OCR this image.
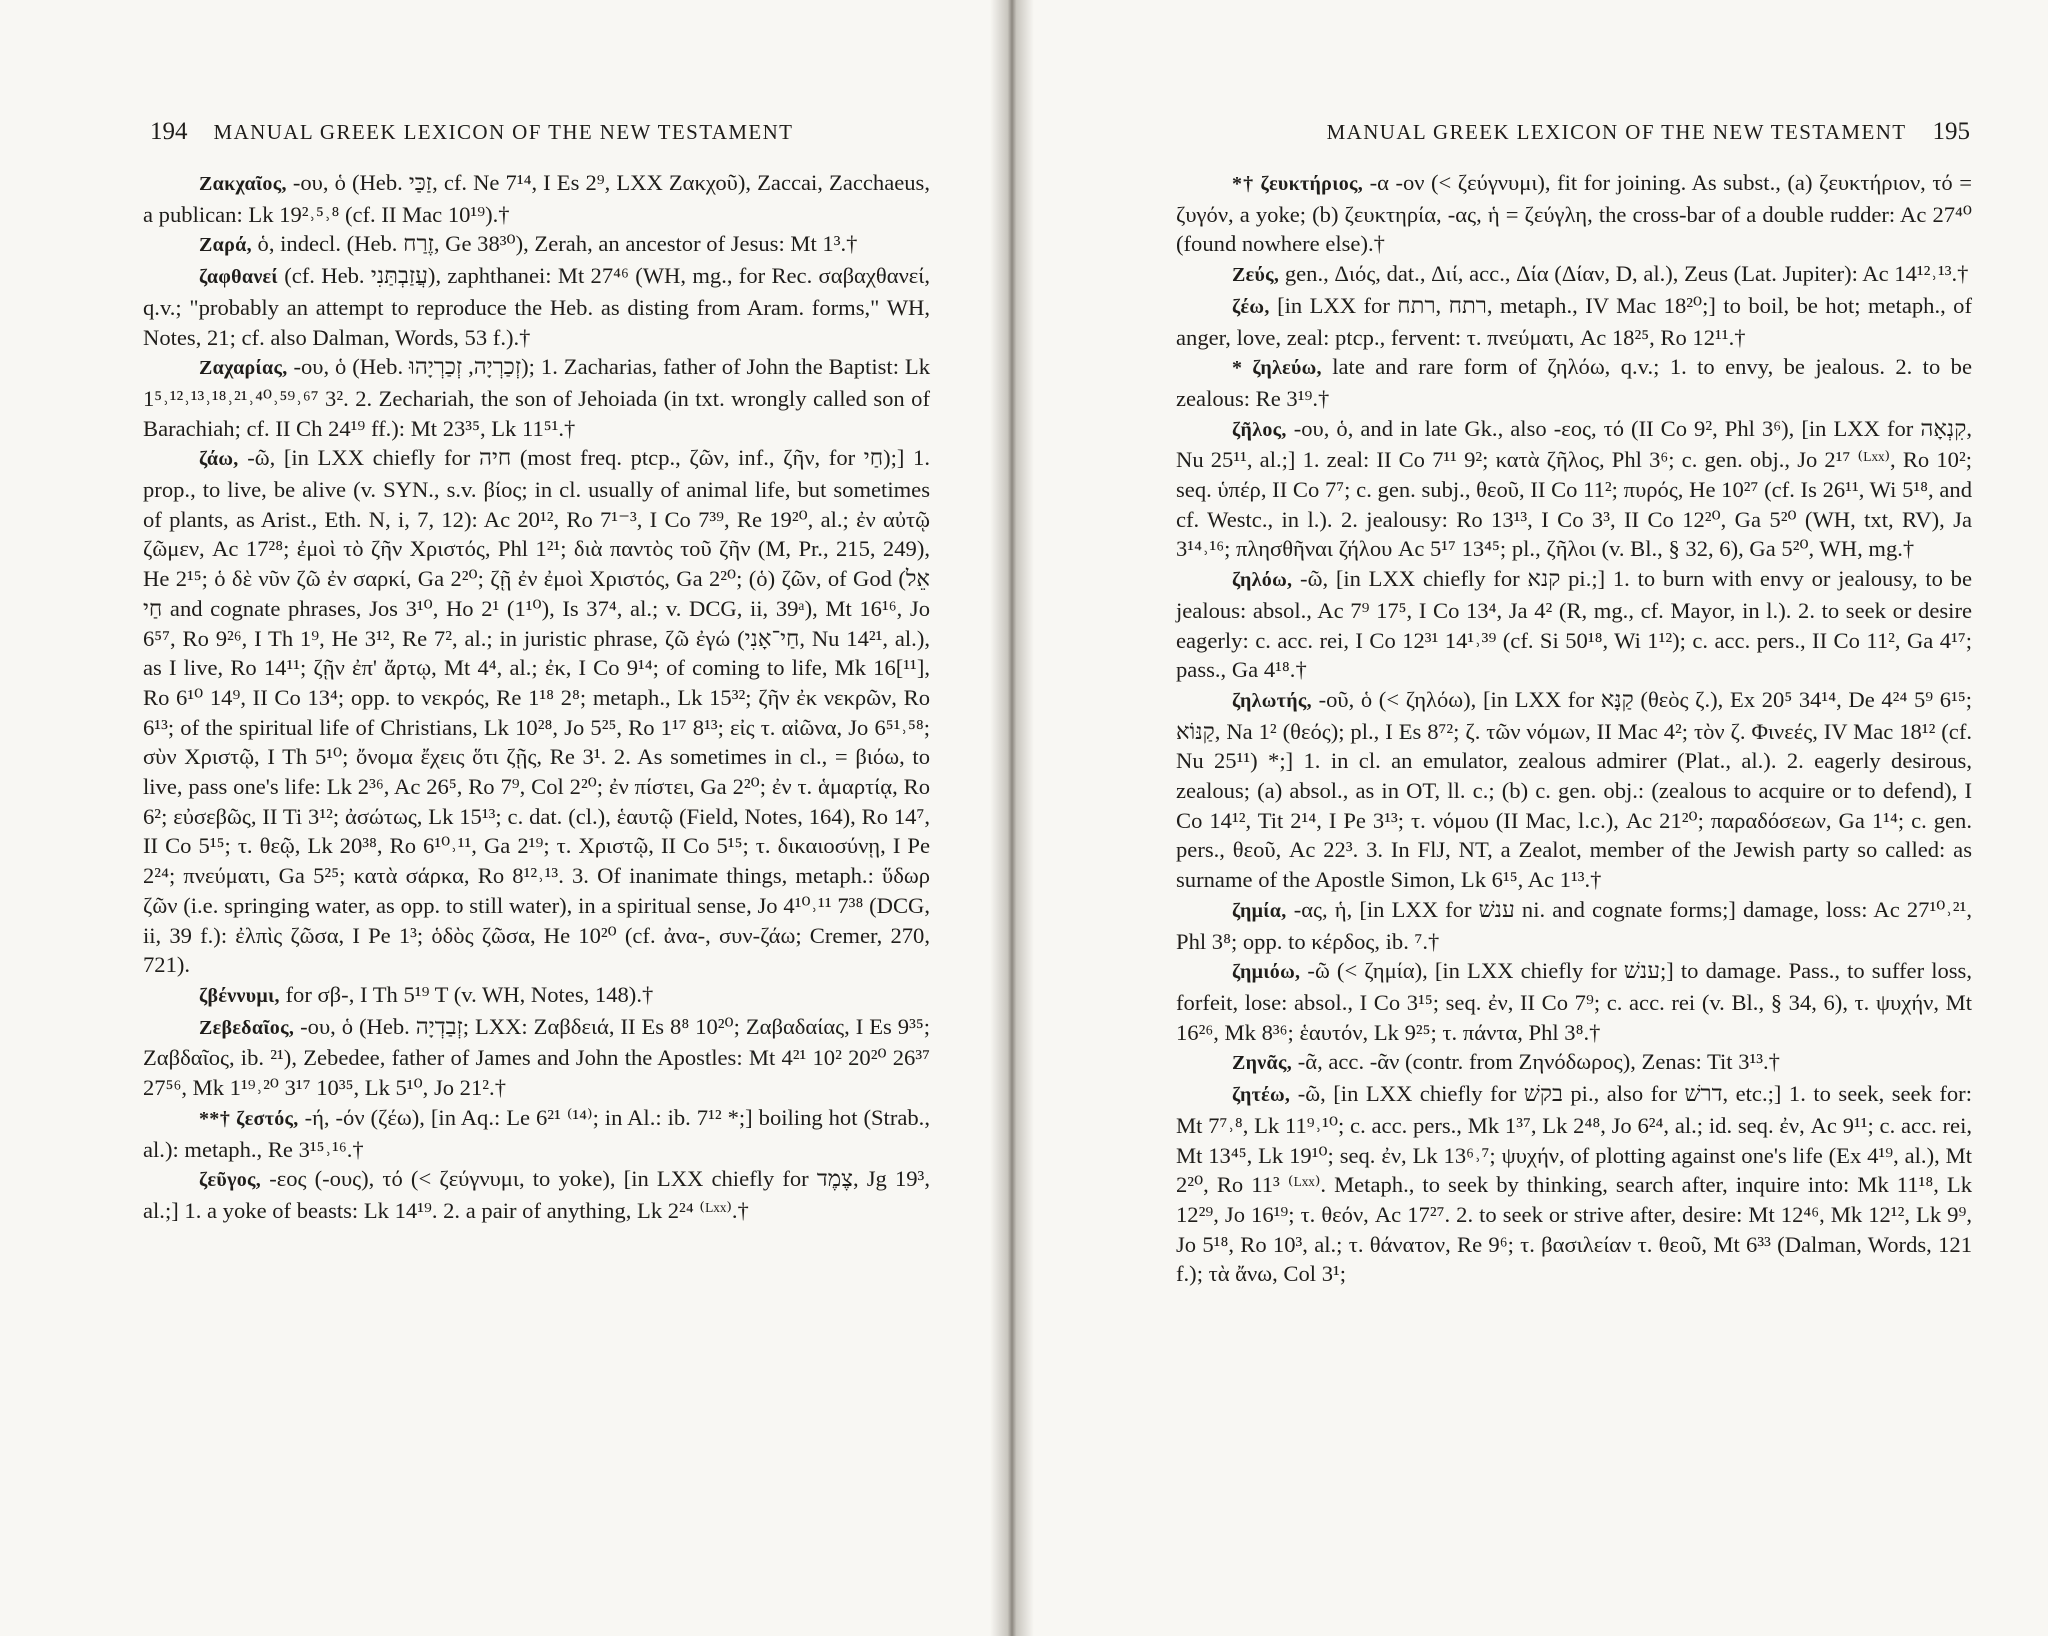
194 MANUAL GREEK LEXICON OF THE NEW TESTAMENT

Ζακχαῖος, -ου, ὁ (Heb. זַכַּי, cf. Ne 7¹⁴, I Es 2⁹, LXX Ζακχοῦ), Zaccai, Zacchaeus, a publican: Lk 19²˒⁵˒⁸ (cf. II Mac 10¹⁹).†

Ζαρά, ὁ, indecl. (Heb. זֶרַח, Ge 38³⁰), Zerah, an ancestor of Jesus: Mt 1³.†

ζαφθανεί (cf. Heb. עֲזַבְתַּנִי), zaphthanei: Mt 27⁴⁶ (WH, mg., for Rec. σαβαχθανεί, q.v.; "probably an attempt to reproduce the Heb. as disting from Aram. forms," WH, Notes, 21; cf. also Dalman, Words, 53 f.).†

Ζαχαρίας, -ου, ὁ (Heb. זְכַרְיָה, זְכַרְיָהוּ); 1. Zacharias, father of John the Baptist: Lk 1⁵˒¹²˒¹³˒¹⁸˒²¹˒⁴⁰˒⁵⁹˒⁶⁷ 3². 2. Zechariah, the son of Jehoiada (in txt. wrongly called son of Barachiah; cf. II Ch 24¹⁹ ff.): Mt 23³⁵, Lk 11⁵¹.†

ζάω, -ῶ, [in LXX chiefly for חיה (most freq. ptcp., ζῶν, inf., ζῆν, for חַי);] 1. prop., to live, be alive (v. SYN., s.v. βίος; in cl. usually of animal life, but sometimes of plants, as Arist., Eth. N, i, 7, 12): Ac 20¹², Ro 7¹⁻³, I Co 7³⁹, Re 19²⁰, al.; ἐν αὐτῷ ζῶμεν, Ac 17²⁸; ἐμοὶ τὸ ζῆν Χριστός, Phl 1²¹; διὰ παντὸς τοῦ ζῆν (M, Pr., 215, 249), He 2¹⁵; ὁ δὲ νῦν ζῶ ἐν σαρκί, Ga 2²⁰; ζῇ ἐν ἐμοὶ Χριστός, Ga 2²⁰; (ὁ) ζῶν, of God (אֵל חַי and cognate phrases, Jos 3¹⁰, Ho 2¹ (1¹⁰), Is 37⁴, al.; v. DCG, ii, 39ᵃ), Mt 16¹⁶, Jo 6⁵⁷, Ro 9²⁶, I Th 1⁹, He 3¹², Re 7², al.; in juristic phrase, ζῶ ἐγώ (חַי־אָנִי, Nu 14²¹, al.), as I live, Ro 14¹¹; ζῇν ἐπ' ἄρτῳ, Mt 4⁴, al.; ἐκ, I Co 9¹⁴; of coming to life, Mk 16[¹¹], Ro 6¹⁰ 14⁹, II Co 13⁴; opp. to νεκρός, Re 1¹⁸ 2⁸; metaph., Lk 15³²; ζῆν ἐκ νεκρῶν, Ro 6¹³; of the spiritual life of Christians, Lk 10²⁸, Jo 5²⁵, Ro 1¹⁷ 8¹³; εἰς τ. αἰῶνα, Jo 6⁵¹˒⁵⁸; σὺν Χριστῷ, I Th 5¹⁰; ὄνομα ἔχεις ὅτι ζῇς, Re 3¹. 2. As sometimes in cl., = βιόω, to live, pass one's life: Lk 2³⁶, Ac 26⁵, Ro 7⁹, Col 2²⁰; ἐν πίστει, Ga 2²⁰; ἐν τ. ἁμαρτίᾳ, Ro 6²; εὐσεβῶς, II Ti 3¹²; ἀσώτως, Lk 15¹³; c. dat. (cl.), ἑαυτῷ (Field, Notes, 164), Ro 14⁷, II Co 5¹⁵; τ. θεῷ, Lk 20³⁸, Ro 6¹⁰˒¹¹, Ga 2¹⁹; τ. Χριστῷ, II Co 5¹⁵; τ. δικαιοσύνῃ, I Pe 2²⁴; πνεύματι, Ga 5²⁵; κατὰ σάρκα, Ro 8¹²˒¹³. 3. Of inanimate things, metaph.: ὕδωρ ζῶν (i.e. springing water, as opp. to still water), in a spiritual sense, Jo 4¹⁰˒¹¹ 7³⁸ (DCG, ii, 39 f.): ἐλπὶς ζῶσα, I Pe 1³; ὁδὸς ζῶσα, He 10²⁰ (cf. ἀνα-, συν-ζάω; Cremer, 270, 721).

ζβέννυμι, for σβ-, I Th 5¹⁹ T (v. WH, Notes, 148).†

Ζεβεδαῖος, -ου, ὁ (Heb. זְבַדְיָה; LXX: Ζαβδειά, II Es 8⁸ 10²⁰; Ζαβαδαίας, I Es 9³⁵; Ζαβδαῖος, ib. ²¹), Zebedee, father of James and John the Apostles: Mt 4²¹ 10² 20²⁰ 26³⁷ 27⁵⁶, Mk 1¹⁹˒²⁰ 3¹⁷ 10³⁵, Lk 5¹⁰, Jo 21².†

**† ζεστός, -ή, -όν (ζέω), [in Aq.: Le 6²¹ ⁽¹⁴⁾; in Al.: ib. 7¹² *;] boiling hot (Strab., al.): metaph., Re 3¹⁵˒¹⁶.†

ζεῦγος, -εος (-ους), τό (< ζεύγνυμι, to yoke), [in LXX chiefly for צֶמֶד, Jg 19³, al.;] 1. a yoke of beasts: Lk 14¹⁹. 2. a pair of anything, Lk 2²⁴ ⁽ᴸˣˣ⁾.†

MANUAL GREEK LEXICON OF THE NEW TESTAMENT 195

*† ζευκτήριος, -α -ον (< ζεύγνυμι), fit for joining. As subst., (a) ζευκτήριον, τό = ζυγόν, a yoke; (b) ζευκτηρία, -ας, ἡ = ζεύγλη, the cross-bar of a double rudder: Ac 27⁴⁰ (found nowhere else).†

Ζεύς, gen., Διός, dat., Διί, acc., Δία (Δίαν, D, al.), Zeus (Lat. Jupiter): Ac 14¹²˒¹³.†

ζέω, [in LXX for רתח ,רתח, metaph., IV Mac 18²⁰;] to boil, be hot; metaph., of anger, love, zeal: ptcp., fervent: τ. πνεύματι, Ac 18²⁵, Ro 12¹¹.†

* ζηλεύω, late and rare form of ζηλόω, q.v.; 1. to envy, be jealous. 2. to be zealous: Re 3¹⁹.†

ζῆλος, -ου, ὁ, and in late Gk., also -εος, τό (II Co 9², Phl 3⁶), [in LXX for קִנְאָה, Nu 25¹¹, al.;] 1. zeal: II Co 7¹¹ 9²; κατὰ ζῆλος, Phl 3⁶; c. gen. obj., Jo 2¹⁷ ⁽ᴸˣˣ⁾, Ro 10²; seq. ὑπέρ, II Co 7⁷; c. gen. subj., θεοῦ, II Co 11²; πυρός, He 10²⁷ (cf. Is 26¹¹, Wi 5¹⁸, and cf. Westc., in l.). 2. jealousy: Ro 13¹³, I Co 3³, II Co 12²⁰, Ga 5²⁰ (WH, txt, RV), Ja 3¹⁴˒¹⁶; πλησθῆναι ζήλου Ac 5¹⁷ 13⁴⁵; pl., ζῆλοι (v. Bl., § 32, 6), Ga 5²⁰, WH, mg.†

ζηλόω, -ῶ, [in LXX chiefly for קנא pi.;] 1. to burn with envy or jealousy, to be jealous: absol., Ac 7⁹ 17⁵, I Co 13⁴, Ja 4² (R, mg., cf. Mayor, in l.). 2. to seek or desire eagerly: c. acc. rei, I Co 12³¹ 14¹˒³⁹ (cf. Si 50¹⁸, Wi 1¹²); c. acc. pers., II Co 11², Ga 4¹⁷; pass., Ga 4¹⁸.†

ζηλωτής, -οῦ, ὁ (< ζηλόω), [in LXX for קַנָּא (θεὸς ζ.), Ex 20⁵ 34¹⁴, De 4²⁴ 5⁹ 6¹⁵; קַנּוֹא, Na 1² (θεός); pl., I Es 8⁷²; ζ. τῶν νόμων, II Mac 4²; τὸν ζ. Φινεές, IV Mac 18¹² (cf. Nu 25¹¹) *;] 1. in cl. an emulator, zealous admirer (Plat., al.). 2. eagerly desirous, zealous; (a) absol., as in OT, ll. c.; (b) c. gen. obj.: (zealous to acquire or to defend), I Co 14¹², Tit 2¹⁴, I Pe 3¹³; τ. νόμου (II Mac, l.c.), Ac 21²⁰; παραδόσεων, Ga 1¹⁴; c. gen. pers., θεοῦ, Ac 22³. 3. In FlJ, NT, a Zealot, member of the Jewish party so called: as surname of the Apostle Simon, Lk 6¹⁵, Ac 1¹³.†

ζημία, -ας, ἡ, [in LXX for ענשׁ ni. and cognate forms;] damage, loss: Ac 27¹⁰˒²¹, Phl 3⁸; opp. to κέρδος, ib. ⁷.†

ζημιόω, -ῶ (< ζημία), [in LXX chiefly for ענשׁ;] to damage. Pass., to suffer loss, forfeit, lose: absol., I Co 3¹⁵; seq. ἐν, II Co 7⁹; c. acc. rei (v. Bl., § 34, 6), τ. ψυχήν, Mt 16²⁶, Mk 8³⁶; ἑαυτόν, Lk 9²⁵; τ. πάντα, Phl 3⁸.†

Ζηνᾶς, -ᾶ, acc. -ᾶν (contr. from Ζηνόδωρος), Zenas: Tit 3¹³.†

ζητέω, -ῶ, [in LXX chiefly for בקשׁ pi., also for דרשׁ, etc.;] 1. to seek, seek for: Mt 7⁷˒⁸, Lk 11⁹˒¹⁰; c. acc. pers., Mk 1³⁷, Lk 2⁴⁸, Jo 6²⁴, al.; id. seq. ἐν, Ac 9¹¹; c. acc. rei, Mt 13⁴⁵, Lk 19¹⁰; seq. ἐν, Lk 13⁶˒⁷; ψυχήν, of plotting against one's life (Ex 4¹⁹, al.), Mt 2²⁰, Ro 11³ ⁽ᴸˣˣ⁾. Metaph., to seek by thinking, search after, inquire into: Mk 11¹⁸, Lk 12²⁹, Jo 16¹⁹; τ. θεόν, Ac 17²⁷. 2. to seek or strive after, desire: Mt 12⁴⁶, Mk 12¹², Lk 9⁹, Jo 5¹⁸, Ro 10³, al.; τ. θάνατον, Re 9⁶; τ. βασιλείαν τ. θεοῦ, Mt 6³³ (Dalman, Words, 121 f.); τὰ ἄνω, Col 3¹;
